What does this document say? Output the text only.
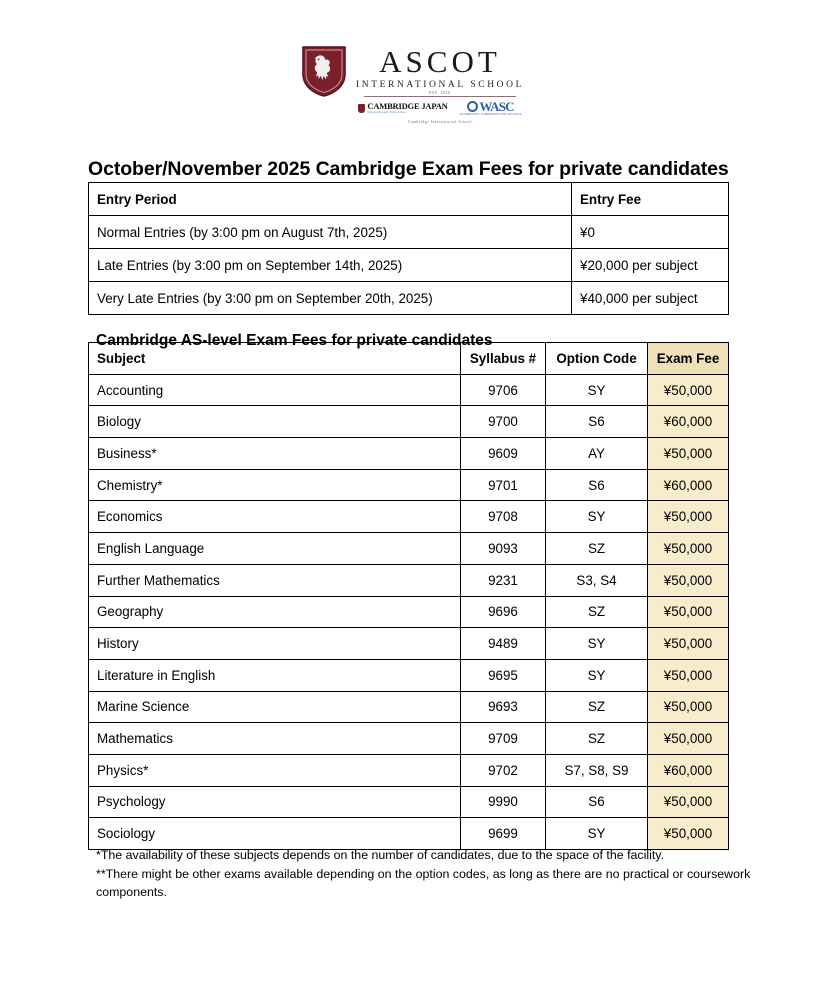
ASCOT
INTERNATIONAL SCHOOL
EST. 2010
CAMBRIDGE JAPAN
International Education	WASC
ACCREDITING COMMISSION FOR SCHOOLS
Cambridge International School
October/November 2025 Cambridge Exam Fees for private candidates
Entry Period	Entry Fee
Normal Entries (by 3:00 pm on August 7th, 2025)	¥0
Late Entries (by 3:00 pm on September 14th, 2025)	¥20,000 per subject
Very Late Entries (by 3:00 pm on September 20th, 2025)	¥40,000 per subject
Cambridge AS-level Exam Fees for private candidates
Subject	Syllabus #	Option Code	Exam Fee
Accounting	9706	SY	¥50,000
Biology	9700	S6	¥60,000
Business*	9609	AY	¥50,000
Chemistry*	9701	S6	¥60,000
Economics	9708	SY	¥50,000
English Language	9093	SZ	¥50,000
Further Mathematics	9231	S3, S4	¥50,000
Geography	9696	SZ	¥50,000
History	9489	SY	¥50,000
Literature in English	9695	SY	¥50,000
Marine Science	9693	SZ	¥50,000
Mathematics	9709	SZ	¥50,000
Physics*	9702	S7, S8, S9	¥60,000
Psychology	9990	S6	¥50,000
Sociology	9699	SY	¥50,000

*The availability of these subjects depends on the number of candidates, due to the space of the facility.

**There might be other exams available depending on the option codes, as long as there are no practical or coursework components.
